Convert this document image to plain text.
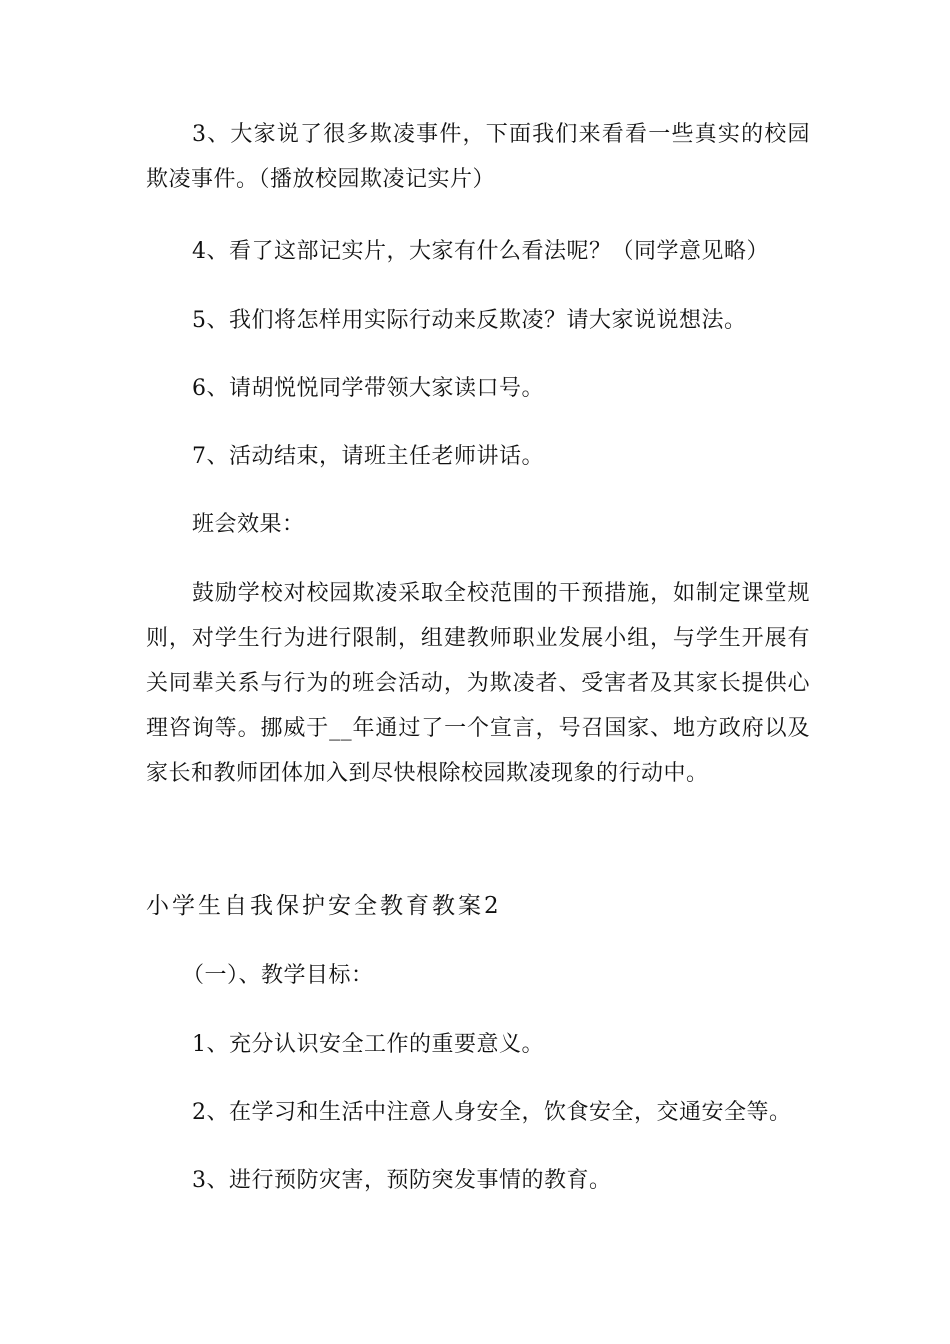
3、大家说了很多欺凌事件，下面我们来看看一些真实的校园欺凌事件。（播放校园欺凌记实片）

4、看了这部记实片，大家有什么看法呢？（同学意见略）

5、我们将怎样用实际行动来反欺凌？请大家说说想法。

6、请胡悦悦同学带领大家读口号。

7、活动结束，请班主任老师讲话。

班会效果：

鼓励学校对校园欺凌采取全校范围的干预措施，如制定课堂规则，对学生行为进行限制，组建教师职业发展小组，与学生开展有关同辈关系与行为的班会活动，为欺凌者、受害者及其家长提供心理咨询等。挪威于__年通过了一个宣言，号召国家、地方政府以及家长和教师团体加入到尽快根除校园欺凌现象的行动中。

小学生自我保护安全教育教案2

（一）、教学目标：

1、充分认识安全工作的重要意义。

2、在学习和生活中注意人身安全，饮食安全，交通安全等。

3、进行预防灾害，预防突发事情的教育。
